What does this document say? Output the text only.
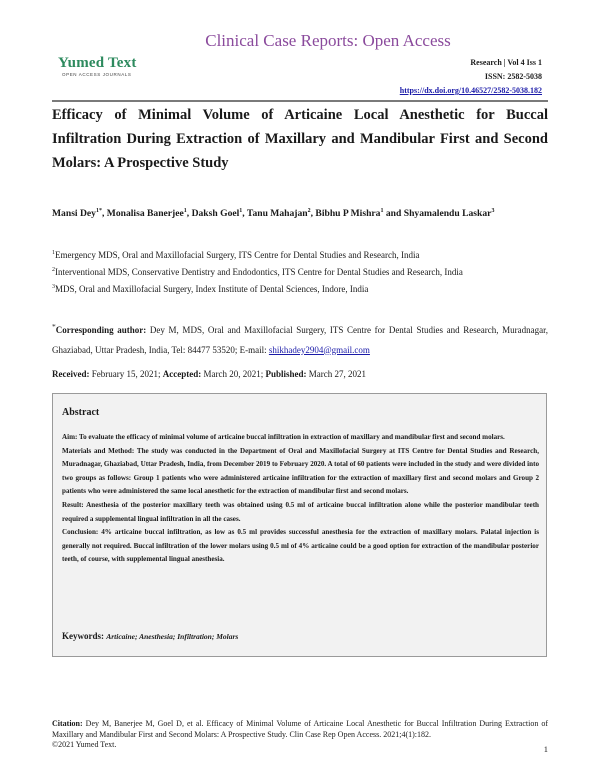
Yumed Text
OPEN ACCESS JOURNALS
Clinical Case Reports: Open Access
Research | Vol 4 Iss 1
ISSN: 2582-5038
https://dx.doi.org/10.46527/2582-5038.182
Efficacy of Minimal Volume of Articaine Local Anesthetic for Buccal Infiltration During Extraction of Maxillary and Mandibular First and Second Molars: A Prospective Study
Mansi Dey$^{1*}$, Monalisa Banerjee$^1$, Daksh Goel$^1$, Tanu Mahajan$^2$, Bibhu P Mishra$^1$ and Shyamalendu Laskar$^3$
$^1$Emergency MDS, Oral and Maxillofacial Surgery, ITS Centre for Dental Studies and Research, India
$^2$Interventional MDS, Conservative Dentistry and Endodontics, ITS Centre for Dental Studies and Research, India
$^3$MDS, Oral and Maxillofacial Surgery, Index Institute of Dental Sciences, Indore, India
*Corresponding author: Dey M, MDS, Oral and Maxillofacial Surgery, ITS Centre for Dental Studies and Research, Muradnagar, Ghaziabad, Uttar Pradesh, India, Tel: 84477 53520; E-mail: shikhadey2904@gmail.com
Received: February 15, 2021; Accepted: March 20, 2021; Published: March 27, 2021
Abstract

Aim: To evaluate the efficacy of minimal volume of articaine buccal infiltration in extraction of maxillary and mandibular first and second molars.

Materials and Method: The study was conducted in the Department of Oral and Maxillofacial Surgery at ITS Centre for Dental Studies and Research, Muradnagar, Ghaziabad, Uttar Pradesh, India, from December 2019 to February 2020. A total of 60 patients were included in the study and were divided into two groups as follows: Group 1 patients who were administered articaine infiltration for the extraction of maxillary first and second molars and Group 2 patients who were administered the same local anesthetic for the extraction of mandibular first and second molars.

Result: Anesthesia of the posterior maxillary teeth was obtained using 0.5 ml of articaine buccal infiltration alone while the posterior mandibular teeth required a supplemental lingual infiltration in all the cases.

Conclusion: 4% articaine buccal infiltration, as low as 0.5 ml provides successful anesthesia for the extraction of maxillary molars. Palatal injection is generally not required. Buccal infiltration of the lower molars using 0.5 ml of 4% articaine could be a good option for extraction of the mandibular posterior teeth, of course, with supplemental lingual anesthesia.

Keywords: Articaine; Anesthesia; Infiltration; Molars
Citation: Dey M, Banerjee M, Goel D, et al. Efficacy of Minimal Volume of Articaine Local Anesthetic for Buccal Infiltration During Extraction of Maxillary and Mandibular First and Second Molars: A Prospective Study. Clin Case Rep Open Access. 2021;4(1):182.
©2021 Yumed Text.	1
